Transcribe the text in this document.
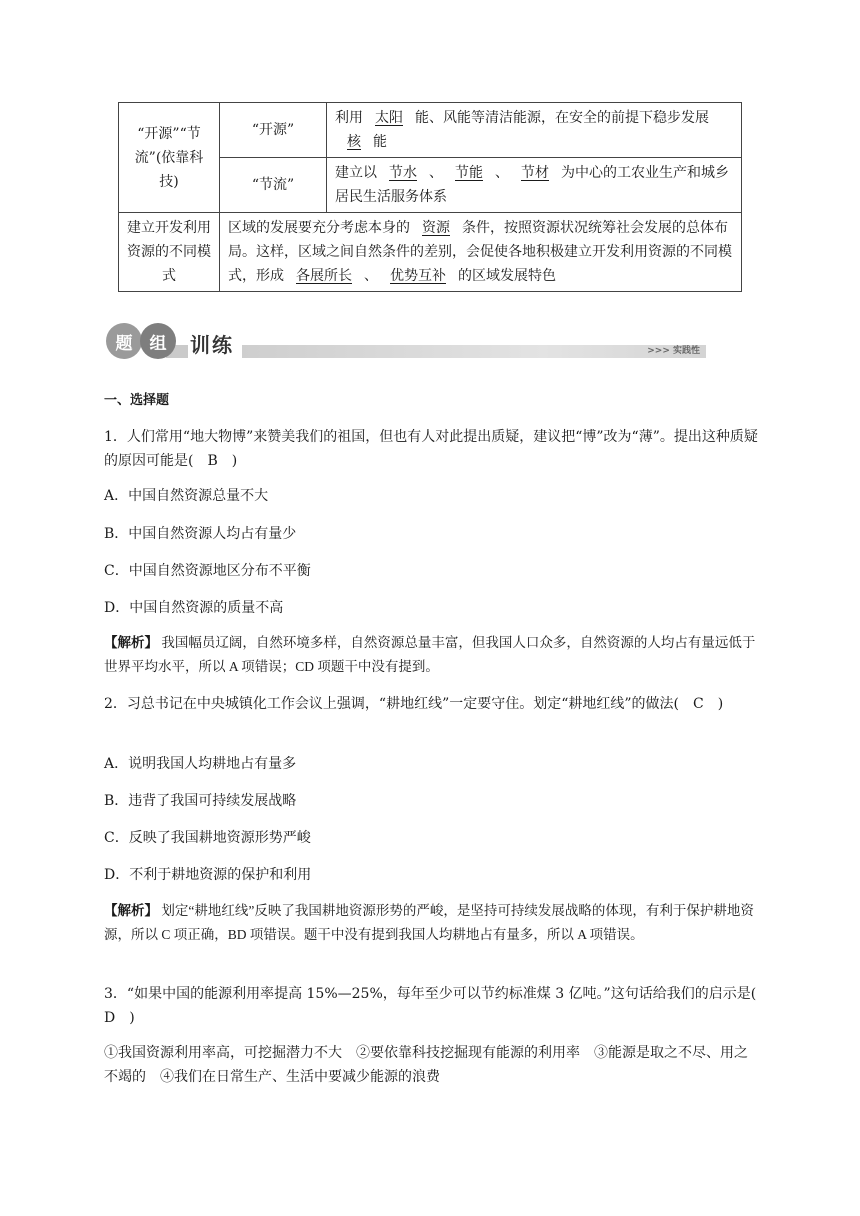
“开源”“节流”(依靠科技)	“开源”	利用 太阳 能、风能等清洁能源，在安全的前提下稳步发展核 能
	“节流”	建立以 节水 、 节能 、 节材 为中心的工农业生产和城乡居民生活服务体系
建立开发利用资源的不同模式	区域的发展要充分考虑本身的 资源 条件，按照资源状况统筹社会发展的总体布局。这样，区域之间自然条件的差别，会促使各地积极建立开发利用资源的不同模式，形成 各展所长 、 优势互补 的区域发展特色	
题	组	训练	>>> 实践性

一、选择题

1．人们常用“地大物博”来赞美我们的祖国，但也有人对此提出质疑，建议把“博”改为“薄”。提出这种质疑的原因可能是(　B　)

A．中国自然资源总量不大

B．中国自然资源人均占有量少

C．中国自然资源地区分布不平衡

D．中国自然资源的质量不高

【解析】 我国幅员辽阔，自然环境多样，自然资源总量丰富，但我国人口众多，自然资源的人均占有量远低于世界平均水平，所以 A 项错误；CD 项题干中没有提到。

2．习总书记在中央城镇化工作会议上强调，“耕地红线”一定要守住。划定“耕地红线”的做法(　C　)

A．说明我国人均耕地占有量多

B．违背了我国可持续发展战略

C．反映了我国耕地资源形势严峻

D．不利于耕地资源的保护和利用

【解析】 划定“耕地红线”反映了我国耕地资源形势的严峻，是坚持可持续发展战略的体现，有利于保护耕地资源，所以 C 项正确，BD 项错误。题干中没有提到我国人均耕地占有量多，所以 A 项错误。

3．“如果中国的能源利用率提高 15%—25%，每年至少可以节约标准煤 3 亿吨。”这句话给我们的启示是(　D　)

①我国资源利用率高，可挖掘潜力不大　②要依靠科技挖掘现有能源的利用率　③能源是取之不尽、用之不竭的　④我们在日常生产、生活中要减少能源的浪费
